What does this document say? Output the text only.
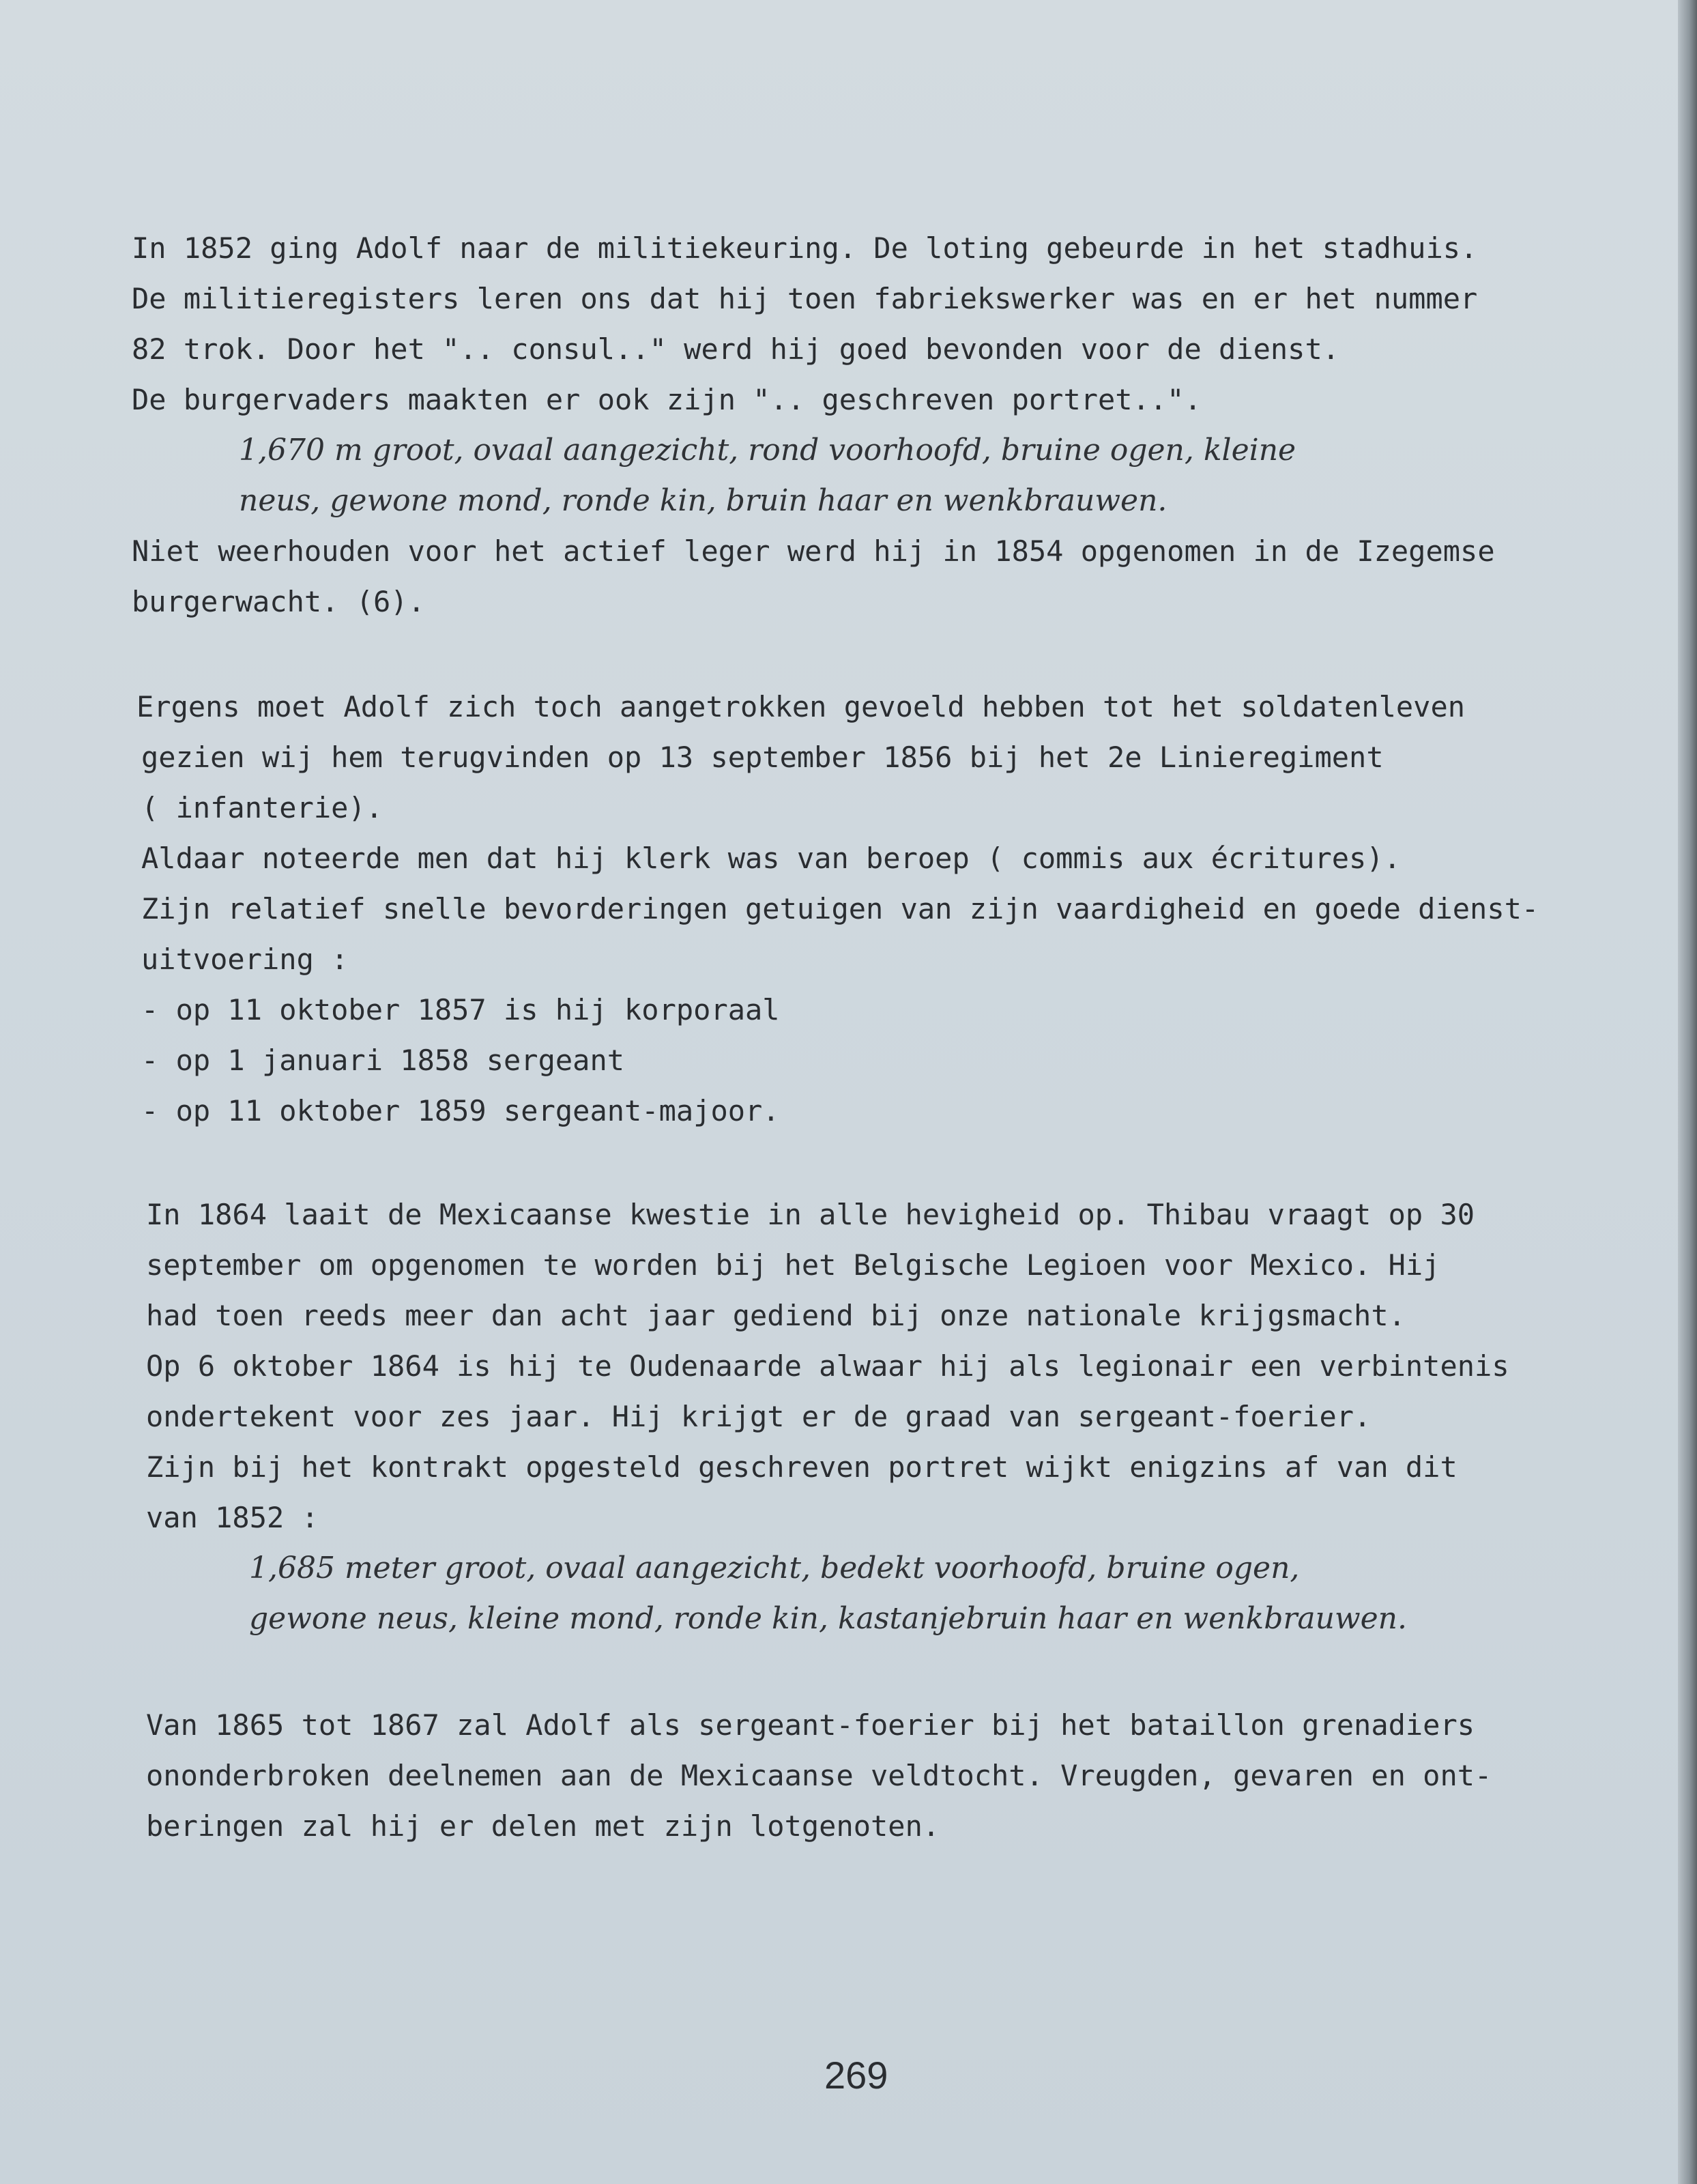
In 1852 ging Adolf naar de militiekeuring. De loting gebeurde in het stadhuis.

De militieregisters leren ons dat hij toen fabriekswerker was en er het nummer

82 trok. Door het ".. consul.." werd hij goed bevonden voor de dienst.

De burgervaders maakten er ook zijn ".. geschreven portret..".

1,670 m groot, ovaal aangezicht, rond voorhoofd, bruine ogen, kleine

neus, gewone mond, ronde kin, bruin haar en wenkbrauwen.

Niet weerhouden voor het actief leger werd hij in 1854 opgenomen in de Izegemse

burgerwacht. (6).

Ergens moet Adolf zich toch aangetrokken gevoeld hebben tot het soldatenleven

gezien wij hem terugvinden op 13 september 1856 bij het 2e Linieregiment

( infanterie).

Aldaar noteerde men dat hij klerk was van beroep ( commis aux écritures).

Zijn relatief snelle bevorderingen getuigen van zijn vaardigheid en goede dienst-

uitvoering :

- op 11 oktober 1857 is hij korporaal

- op 1 januari 1858 sergeant

- op 11 oktober 1859 sergeant-majoor.

In 1864 laait de Mexicaanse kwestie in alle hevigheid op. Thibau vraagt op 30

september om opgenomen te worden bij het Belgische Legioen voor Mexico. Hij

had toen reeds meer dan acht jaar gediend bij onze nationale krijgsmacht.

Op 6 oktober 1864 is hij te Oudenaarde alwaar hij als legionair een verbintenis

ondertekent voor zes jaar. Hij krijgt er de graad van sergeant-foerier.

Zijn bij het kontrakt opgesteld geschreven portret wijkt enigzins af van dit

van 1852 :

1,685 meter groot, ovaal aangezicht, bedekt voorhoofd, bruine ogen,

gewone neus, kleine mond, ronde kin, kastanjebruin haar en wenkbrauwen.

Van 1865 tot 1867 zal Adolf als sergeant-foerier bij het bataillon grenadiers

ononderbroken deelnemen aan de Mexicaanse veldtocht. Vreugden, gevaren en ont-

beringen zal hij er delen met zijn lotgenoten.

269
